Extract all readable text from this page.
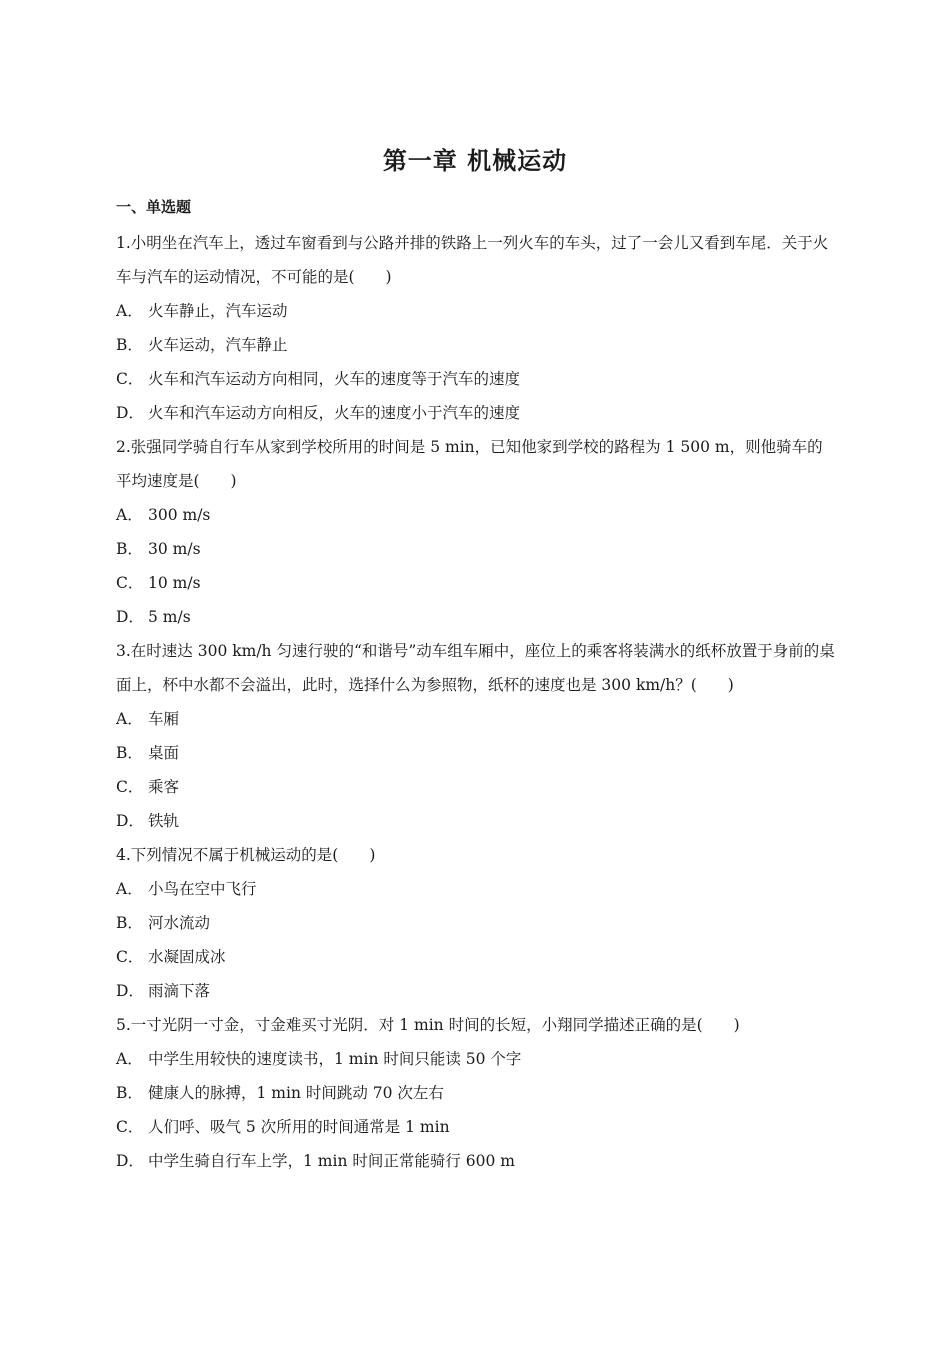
第一章 机械运动
一、单选题

1.小明坐在汽车上，透过车窗看到与公路并排的铁路上一列火车的车头，过了一会儿又看到车尾．关于火车与汽车的运动情况，不可能的是(　　)

A． 火车静止，汽车运动

B． 火车运动，汽车静止

C． 火车和汽车运动方向相同，火车的速度等于汽车的速度

D． 火车和汽车运动方向相反，火车的速度小于汽车的速度

2.张强同学骑自行车从家到学校所用的时间是 5 min，已知他家到学校的路程为 1 500 m，则他骑车的平均速度是(　　)

A． 300 m/s

B． 30 m/s

C． 10 m/s

D． 5 m/s

3.在时速达 300 km/h 匀速行驶的“和谐号”动车组车厢中，座位上的乘客将装满水的纸杯放置于身前的桌面上，杯中水都不会溢出，此时，选择什么为参照物，纸杯的速度也是 300 km/h？(　　)

A． 车厢

B． 桌面

C． 乘客

D． 铁轨

4.下列情况不属于机械运动的是(　　)

A． 小鸟在空中飞行

B． 河水流动

C． 水凝固成冰

D． 雨滴下落

5.一寸光阴一寸金，寸金难买寸光阴．对 1 min 时间的长短，小翔同学描述正确的是(　　)

A． 中学生用较快的速度读书，1 min 时间只能读 50 个字

B． 健康人的脉搏，1 min 时间跳动 70 次左右

C． 人们呼、吸气 5 次所用的时间通常是 1 min

D． 中学生骑自行车上学，1 min 时间正常能骑行 600 m
